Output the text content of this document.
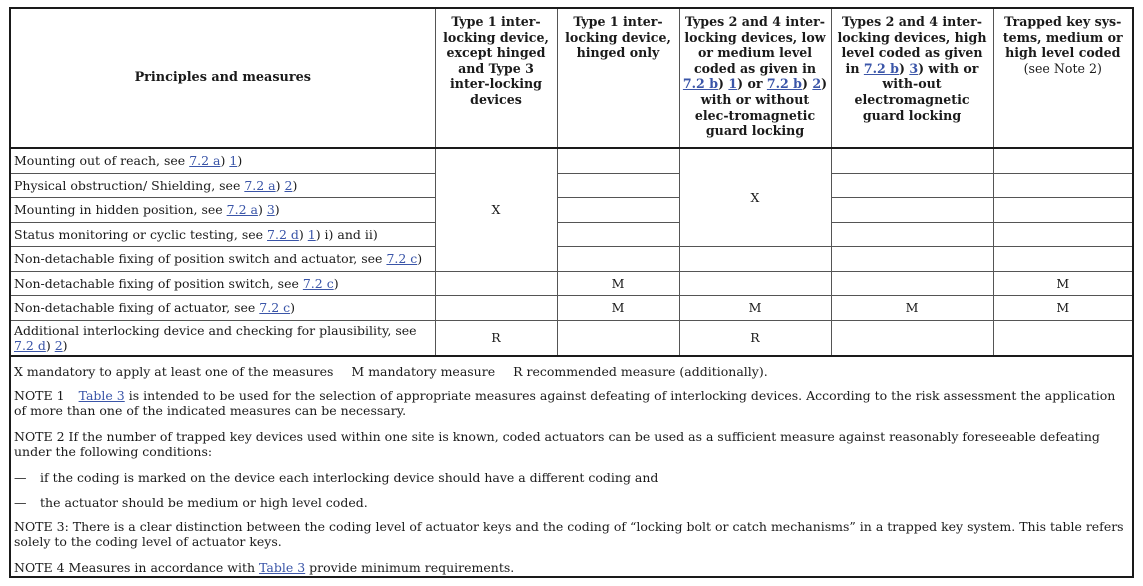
Principles and measures	Type 1 inter-locking device, except hinged and Type 3 inter-locking devices	Type 1 inter-locking device, hinged only	Types 2 and 4 inter-locking devices, low or medium level coded as given in 7.2 b) 1) or 7.2 b) 2) with or without elec-tromagnetic guard locking	Types 2 and 4 inter-locking devices, high level coded as given in 7.2 b) 3) with or with-out electromagnetic guard locking	Trapped key sys-tems, medium or high level coded
(see Note 2)
Mounting out of reach, see 7.2 a) 1)	X		X		
Physical obstruction/ Shielding, see 7.2 a) 2)					
Mounting in hidden position, see 7.2 a) 3)					
Status monitoring or cyclic testing, see 7.2 d) 1) i) and ii)					
Non-detachable fixing of position switch and actuator, see 7.2 c)					
Non-detachable fixing of position switch, see 7.2 c)		M			M
Non-detachable fixing of actuator, see 7.2 c)		M	M	M	M
Additional interlocking device and checking for plausibility, see 7.2 d) 2)	R		R		
X mandatory to apply at least one of the measures M mandatory measure R recommended measure (additionally).
NOTE 1 Table 3 is intended to be used for the selection of appropriate measures against defeating of interlocking devices. According to the risk assessment the application of more than one of the indicated measures can be necessary.
NOTE 2 If the number of trapped key devices used within one site is known, coded actuators can be used as a sufficient measure against reasonably foreseeable defeating under the following conditions:
— if the coding is marked on the device each interlocking device should have a different coding and
— the actuator should be medium or high level coded.
NOTE 3: There is a clear distinction between the coding level of actuator keys and the coding of “locking bolt or catch mechanisms” in a trapped key system. This table refers solely to the coding level of actuator keys.
NOTE 4 Measures in accordance with Table 3 provide minimum requirements.
